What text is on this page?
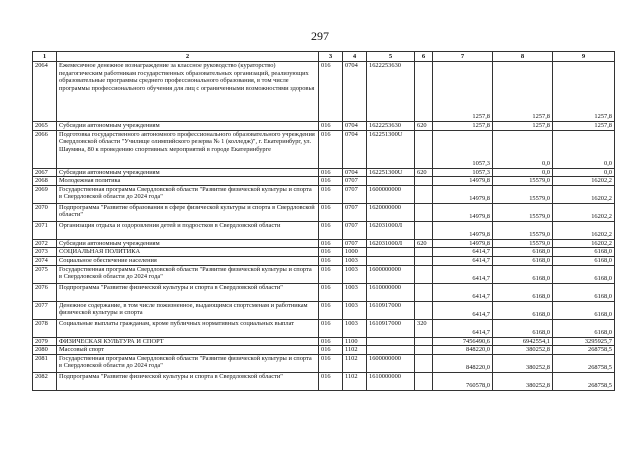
297
1	2	3	4	5	6	7	8	9
2064	Ежемесячное денежное вознаграждение за классное руководство (кураторство) педагогическим работникам государственных образовательных организаций, реализующих образовательные программы среднего профессионального образования, в том числе программы профессионального обучения для лиц с ограниченными возможностями здоровья	016	0704	1622253630		1257,8	1257,8	1257,8
2065	Субсидии автономным учреждениям	016	0704	1622253630	620	1257,8	1257,8	1257,8
2066	Подготовка государственного автономного профессионального образовательного учреждения Свердловской области "Училище олимпийского резерва № 1 (колледж)", г. Екатеринбург, ул. Шаумяна, 80 к проведению спортивных мероприятий в городе Екатеринбурге	016	0704	162251300U		1057,3	0,0	0,0
2067	Субсидии автономным учреждениям	016	0704	162251300U	620	1057,3	0,0	0,0
2068	Молодежная политика	016	0707			14979,8	15579,0	16202,2
2069	Государственная программа Свердловской области "Развитие физической культуры и спорта в Свердловской области до 2024 года"	016	0707	1600000000		14979,8	15579,0	16202,2
2070	Подпрограмма "Развитие образования в сфере физической культуры и спорта в Свердловской области"	016	0707	1620000000		14979,8	15579,0	16202,2
2071	Организация отдыха и оздоровления детей и подростков в Свердловской области	016	0707	162031000Л		14979,8	15579,0	16202,2
2072	Субсидии автономным учреждениям	016	0707	162031000Л	620	14979,8	15579,0	16202,2
2073	СОЦИАЛЬНАЯ ПОЛИТИКА	016	1000			6414,7	6168,0	6168,0
2074	Социальное обеспечение населения	016	1003			6414,7	6168,0	6168,0
2075	Государственная программа Свердловской области "Развитие физической культуры и спорта в Свердловской области до 2024 года"	016	1003	1600000000		6414,7	6168,0	6168,0
2076	Подпрограмма "Развитие физической культуры и спорта в Свердловской области"	016	1003	1610000000		6414,7	6168,0	6168,0
2077	Денежное содержание, в том числе пожизненное, выдающимся спортсменам и работникам физической культуры и спорта	016	1003	1610917000		6414,7	6168,0	6168,0
2078	Социальные выплаты гражданам, кроме публичных нормативных социальных выплат	016	1003	1610917000	320	6414,7	6168,0	6168,0
2079	ФИЗИЧЕСКАЯ КУЛЬТУРА И СПОРТ	016	1100			7456490,6	6942554,1	3295925,7
2080	Массовый спорт	016	1102			848220,0	380252,8	268758,5
2081	Государственная программа Свердловской области "Развитие физической культуры и спорта в Свердловской области до 2024 года"	016	1102	1600000000		848220,0	380252,8	268758,5
2082	Подпрограмма "Развитие физической культуры и спорта в Свердловской области"	016	1102	1610000000		760578,0	380252,8	268758,5
